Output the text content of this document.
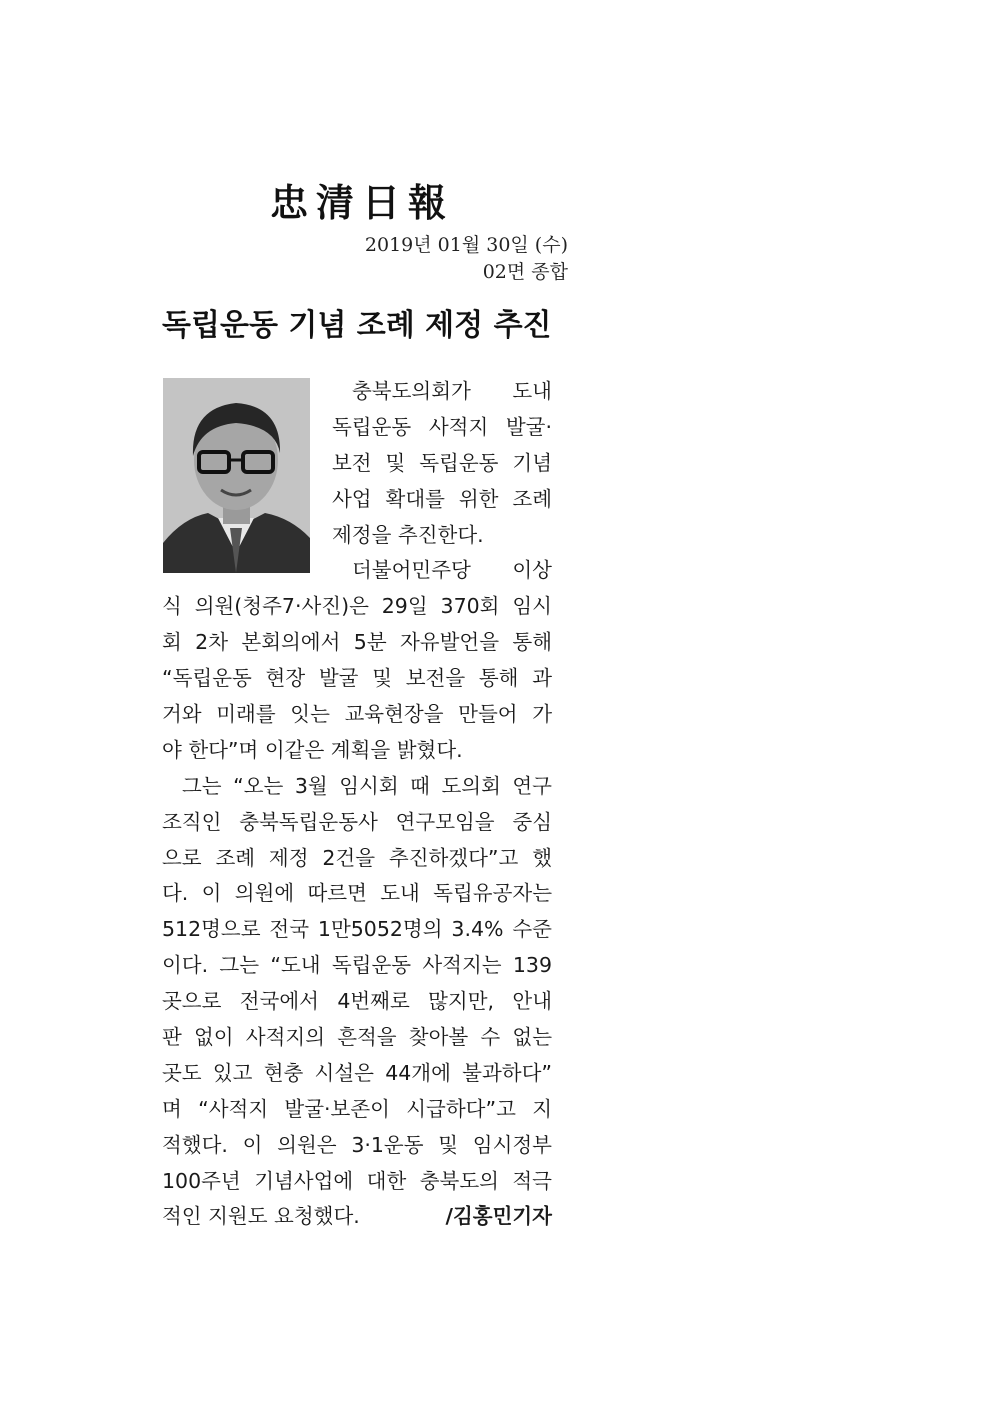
忠清日報
2019년 01월 30일 (수)
02면 종합
독립운동 기념 조례 제정 추진
충북도의회가 도내
독립운동 사적지 발굴·
보전 및 독립운동 기념
사업 확대를 위한 조례
제정을 추진한다.
더불어민주당 이상
식 의원(청주7·사진)은 29일 370회 임시
회 2차 본회의에서 5분 자유발언을 통해
“독립운동 현장 발굴 및 보전을 통해 과
거와 미래를 잇는 교육현장을 만들어 가
야 한다”며 이같은 계획을 밝혔다.
그는 “오는 3월 임시회 때 도의회 연구
조직인 충북독립운동사 연구모임을 중심
으로 조례 제정 2건을 추진하겠다”고 했
다. 이 의원에 따르면 도내 독립유공자는
512명으로 전국 1만5052명의 3.4% 수준
이다. 그는 “도내 독립운동 사적지는 139
곳으로 전국에서 4번째로 많지만, 안내
판 없이 사적지의 흔적을 찾아볼 수 없는
곳도 있고 현충 시설은 44개에 불과하다”
며 “사적지 발굴·보존이 시급하다”고 지
적했다. 이 의원은 3·1운동 및 임시정부
100주년 기념사업에 대한 충북도의 적극
적인 지원도 요청했다.	/김홍민기자
